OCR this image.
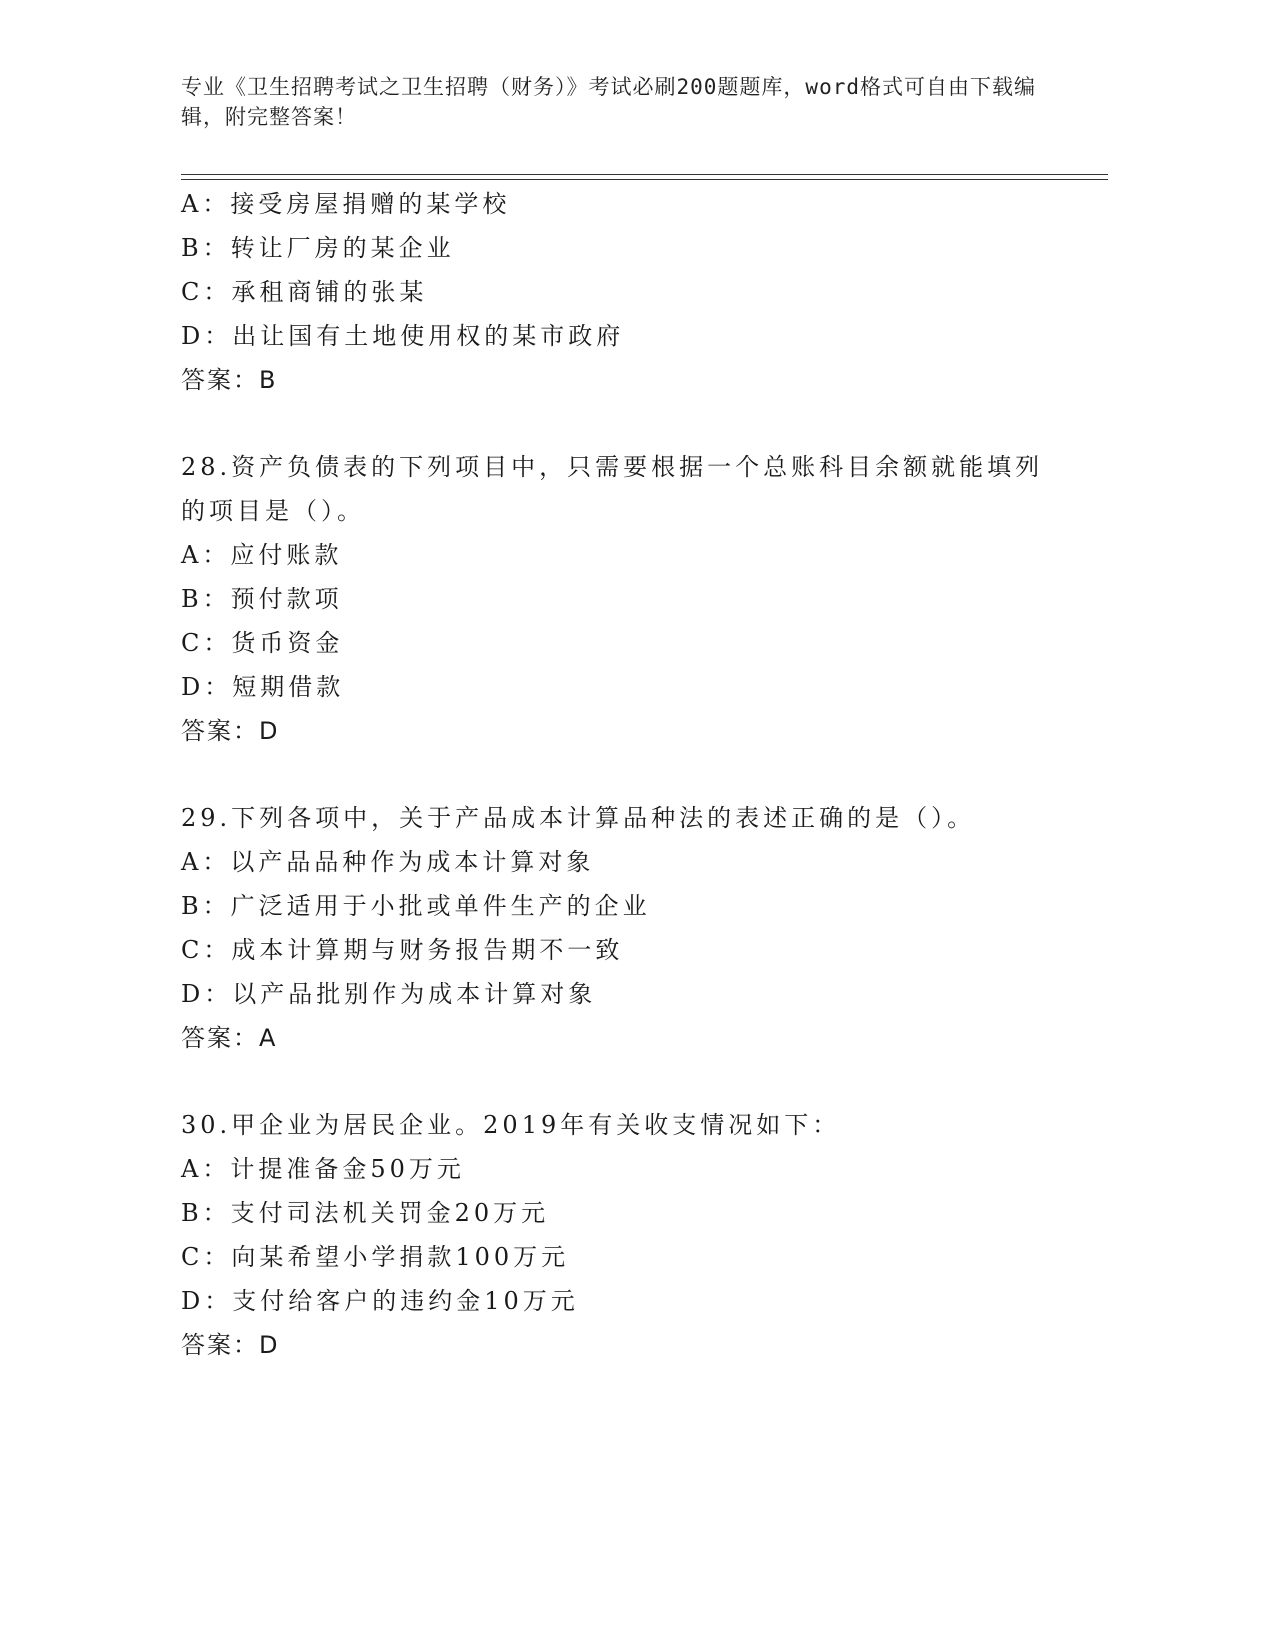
专业《卫生招聘考试之卫生招聘（财务）》考试必刷200题题库，word格式可自由下载编辑，附完整答案！
A：接受房屋捐赠的某学校
B：转让厂房的某企业
C：承租商铺的张某
D：出让国有土地使用权的某市政府
答案：B
28.资产负债表的下列项目中，只需要根据一个总账科目余额就能填列的项目是（）。
A：应付账款
B：预付款项
C：货币资金
D：短期借款
答案：D
29.下列各项中，关于产品成本计算品种法的表述正确的是（）。
A：以产品品种作为成本计算对象
B：广泛适用于小批或单件生产的企业
C：成本计算期与财务报告期不一致
D：以产品批别作为成本计算对象
答案：A
30.甲企业为居民企业。2019年有关收支情况如下：
A：计提准备金50万元
B：支付司法机关罚金20万元
C：向某希望小学捐款100万元
D：支付给客户的违约金10万元
答案：D
